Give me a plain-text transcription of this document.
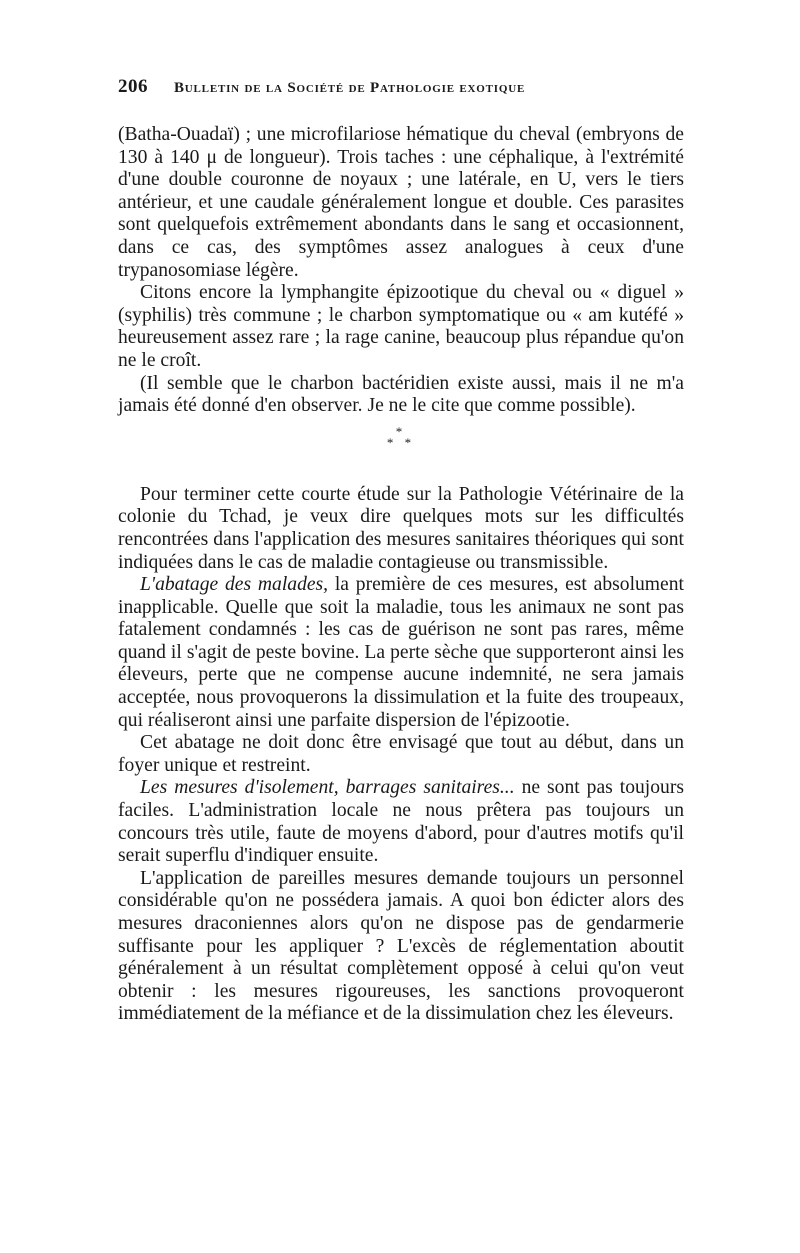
206 Bulletin de la Société de Pathologie exotique

(Batha-Ouadaï) ; une microfilariose hématique du cheval (embryons de 130 à 140 μ de longueur). Trois taches : une céphalique, à l'extrémité d'une double couronne de noyaux ; une latérale, en U, vers le tiers antérieur, et une caudale généralement longue et double. Ces parasites sont quelquefois extrêmement abondants dans le sang et occasionnent, dans ce cas, des symptômes assez analogues à ceux d'une trypanosomiase légère.

Citons encore la lymphangite épizootique du cheval ou « diguel » (syphilis) très commune ; le charbon symptomatique ou « am kutéfé » heureusement assez rare ; la rage canine, beaucoup plus répandue qu'on ne le croît.

(Il semble que le charbon bactéridien existe aussi, mais il ne m'a jamais été donné d'en observer. Je ne le cite que comme possible).

*
* *

Pour terminer cette courte étude sur la Pathologie Vétérinaire de la colonie du Tchad, je veux dire quelques mots sur les difficultés rencontrées dans l'application des mesures sanitaires théoriques qui sont indiquées dans le cas de maladie contagieuse ou transmissible.

L'abatage des malades, la première de ces mesures, est absolument inapplicable. Quelle que soit la maladie, tous les animaux ne sont pas fatalement condamnés : les cas de guérison ne sont pas rares, même quand il s'agit de peste bovine. La perte sèche que supporteront ainsi les éleveurs, perte que ne compense aucune indemnité, ne sera jamais acceptée, nous provoquerons la dissimulation et la fuite des troupeaux, qui réaliseront ainsi une parfaite dispersion de l'épizootie.

Cet abatage ne doit donc être envisagé que tout au début, dans un foyer unique et restreint.

Les mesures d'isolement, barrages sanitaires... ne sont pas toujours faciles. L'administration locale ne nous prêtera pas toujours un concours très utile, faute de moyens d'abord, pour d'autres motifs qu'il serait superflu d'indiquer ensuite.

L'application de pareilles mesures demande toujours un personnel considérable qu'on ne possédera jamais. A quoi bon édicter alors des mesures draconiennes alors qu'on ne dispose pas de gendarmerie suffisante pour les appliquer ? L'excès de réglementation aboutit généralement à un résultat complètement opposé à celui qu'on veut obtenir : les mesures rigoureuses, les sanctions provoqueront immédiatement de la méfiance et de la dissimulation chez les éleveurs.
